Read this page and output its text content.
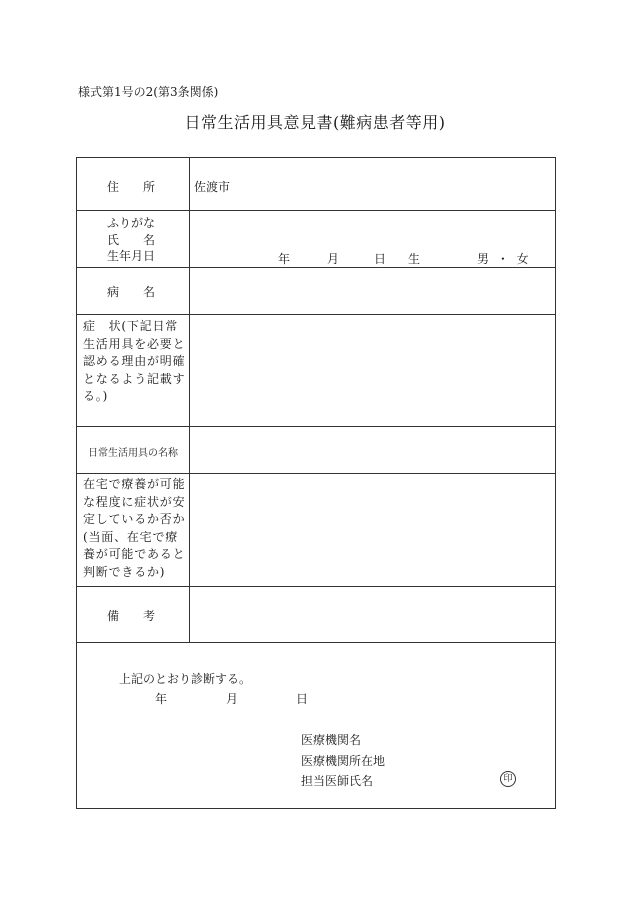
様式第1号の2(第3条関係)
日常生活用具意見書(難病患者等用)
住　　所	佐渡市
ふりがな
氏　　名
生年月日	年	月	日 生	男 ・ 女
病　　名
症　状(下記日常生活用具を必要と認める理由が明確となるよう記載する。)
日常生活用具の名称
在宅で療養が可能な程度に症状が安定しているか否か(当面、在宅で療養が可能であると判断できるか)
備　　考
上記のとおり診断する。
年	月	日
医療機関名
医療機関所在地
担当医師氏名	印
